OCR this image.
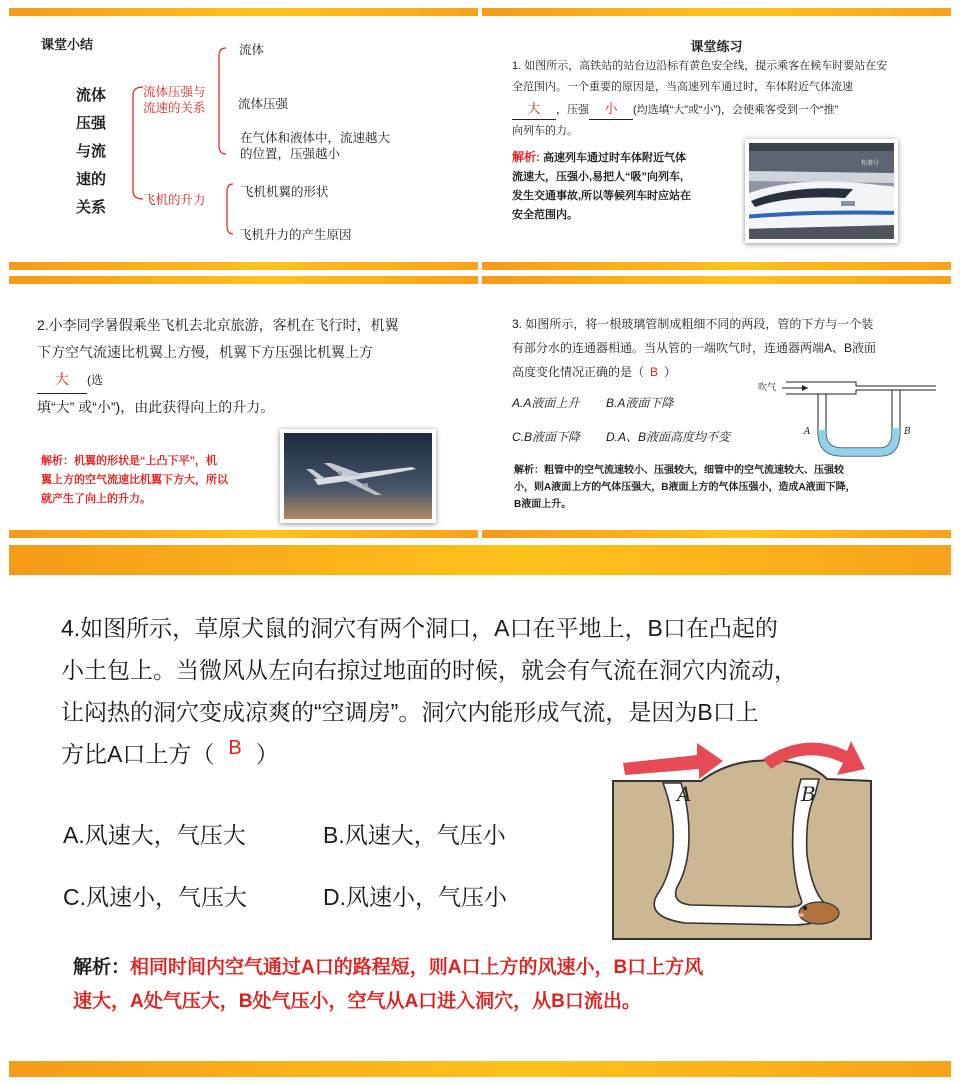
课堂小结
流体
压强
与流
速的
关系
流体压强与
流速的关系
流体
流体压强
在气体和液体中，流速越大
的位置，压强越小
飞机的升力
飞机机翼的形状
飞机升力的产生原因
课堂练习
1. 如图所示，高铁站的站台边沿标有黄色安全线，提示乘客在候车时要站在安
全范围内。一个重要的原因是，当高速列车通过时，车体附近气体流速
大 ，压强 小 (均选填“大”或“小”)，会使乘客受到一个“推”
向列车的力。
解析: 高速列车通过时车体附近气体
流速大，压强小,易把人“吸”向列车,
发生交通事故,所以等候列车时应站在
安全范围内。
和谐号
2.小李同学暑假乘坐飞机去北京旅游，客机在飞行时，机翼
下方空气流速比机翼上方慢，机翼下方压强比机翼上方
大 (选
填“大” 或“小”)，由此获得向上的升力。
解析：机翼的形状是“上凸下平”，机
翼上方的空气流速比机翼下方大，所以
就产生了向上的升力。
3. 如图所示，将一根玻璃管制成粗细不同的两段，管的下方与一个装
有部分水的连通器相通。当从管的一端吹气时，连通器两端A、B液面
高度变化情况正确的是（ B ）
A.A液面上升 B.A液面下降
C.B液面下降 D.A、B液面高度均不变
吹气
A	B
解析：粗管中的空气流速较小、压强较大，细管中的空气流速较大、压强较
小，则A液面上方的气体压强大，B液面上方的气体压强小，造成A液面下降，
B液面上升。
4.如图所示，草原犬鼠的洞穴有两个洞口，A口在平地上，B口在凸起的
小土包上。当微风从左向右掠过地面的时候，就会有气流在洞穴内流动，
让闷热的洞穴变成凉爽的“空调房”。洞穴内能形成气流，是因为B口上
方比A口上方（ B ）
A.风速大，气压大	B.风速大，气压小
C.风速小，气压大	D.风速小，气压小
A	B
解析：相同时间内空气通过A口的路程短，则A口上方的风速小，B口上方风
速大，A处气压大，B处气压小，空气从A口进入洞穴，从B口流出。
